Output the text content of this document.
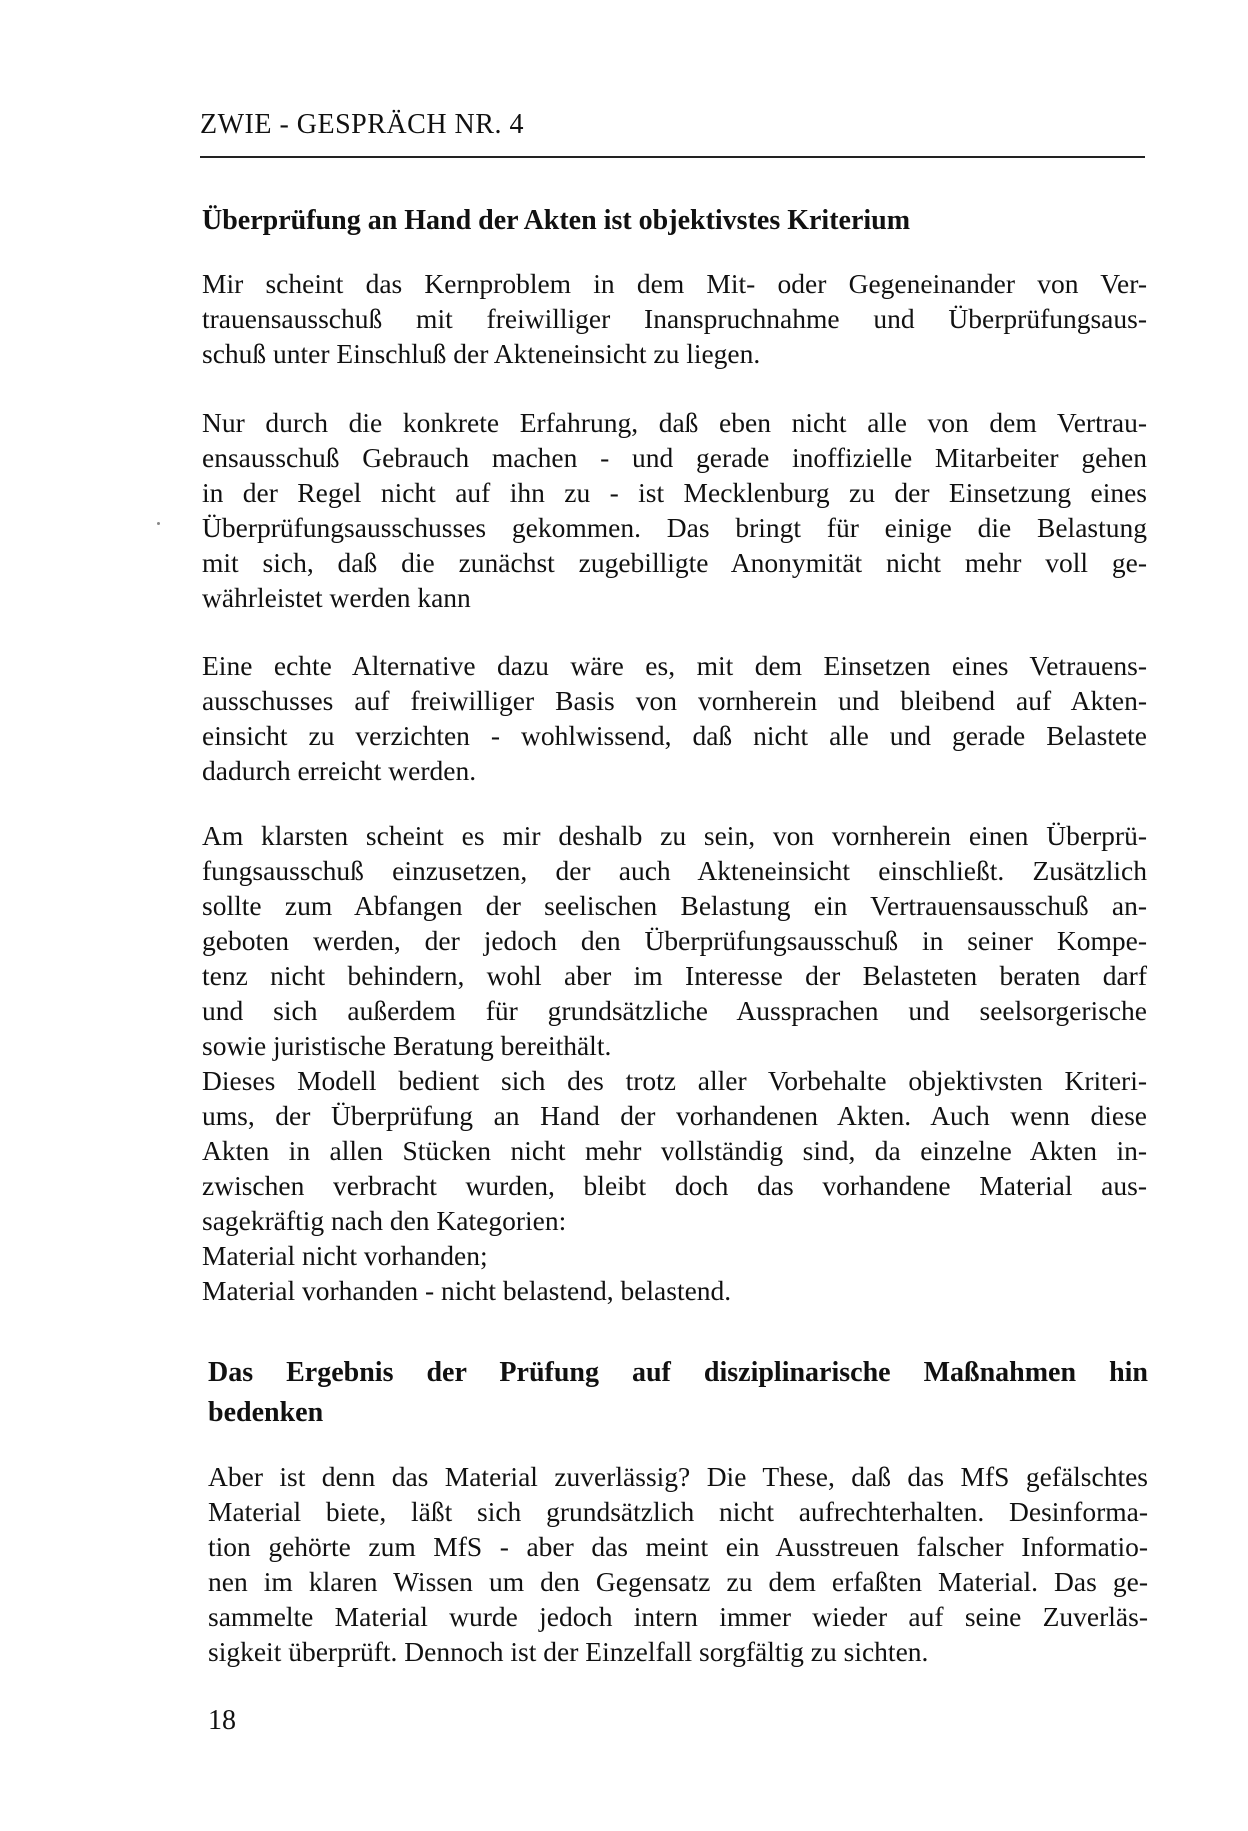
ZWIE - GESPRÄCH NR. 4
Überprüfung an Hand der Akten ist objektivstes Kriterium
Mir scheint das Kernproblem in dem Mit- oder Gegeneinander von Ver-
trauensausschuß mit freiwilliger Inanspruchnahme und Überprüfungsaus-
schuß unter Einschluß der Akteneinsicht zu liegen.
Nur durch die konkrete Erfahrung, daß eben nicht alle von dem Vertrau-
ensausschuß Gebrauch machen - und gerade inoffizielle Mitarbeiter gehen
in der Regel nicht auf ihn zu - ist Mecklenburg zu der Einsetzung eines
Überprüfungsausschusses gekommen. Das bringt für einige die Belastung
mit sich, daß die zunächst zugebilligte Anonymität nicht mehr voll ge-
währleistet werden kann
Eine echte Alternative dazu wäre es, mit dem Einsetzen eines Vetrauens-
ausschusses auf freiwilliger Basis von vornherein und bleibend auf Akten-
einsicht zu verzichten - wohlwissend, daß nicht alle und gerade Belastete
dadurch erreicht werden.
Am klarsten scheint es mir deshalb zu sein, von vornherein einen Überprü-
fungsausschuß einzusetzen, der auch Akteneinsicht einschließt. Zusätzlich
sollte zum Abfangen der seelischen Belastung ein Vertrauensausschuß an-
geboten werden, der jedoch den Überprüfungsausschuß in seiner Kompe-
tenz nicht behindern, wohl aber im Interesse der Belasteten beraten darf
und sich außerdem für grundsätzliche Aussprachen und seelsorgerische
sowie juristische Beratung bereithält.
Dieses Modell bedient sich des trotz aller Vorbehalte objektivsten Kriteri-
ums, der Überprüfung an Hand der vorhandenen Akten. Auch wenn diese
Akten in allen Stücken nicht mehr vollständig sind, da einzelne Akten in-
zwischen verbracht wurden, bleibt doch das vorhandene Material aus-
sagekräftig nach den Kategorien:
Material nicht vorhanden;
Material vorhanden - nicht belastend, belastend.
Das Ergebnis der Prüfung auf disziplinarische Maßnahmen hin
bedenken
Aber ist denn das Material zuverlässig? Die These, daß das MfS gefälschtes
Material biete, läßt sich grundsätzlich nicht aufrechterhalten. Desinforma-
tion gehörte zum MfS - aber das meint ein Ausstreuen falscher Informatio-
nen im klaren Wissen um den Gegensatz zu dem erfaßten Material. Das ge-
sammelte Material wurde jedoch intern immer wieder auf seine Zuverläs-
sigkeit überprüft. Dennoch ist der Einzelfall sorgfältig zu sichten.
18
